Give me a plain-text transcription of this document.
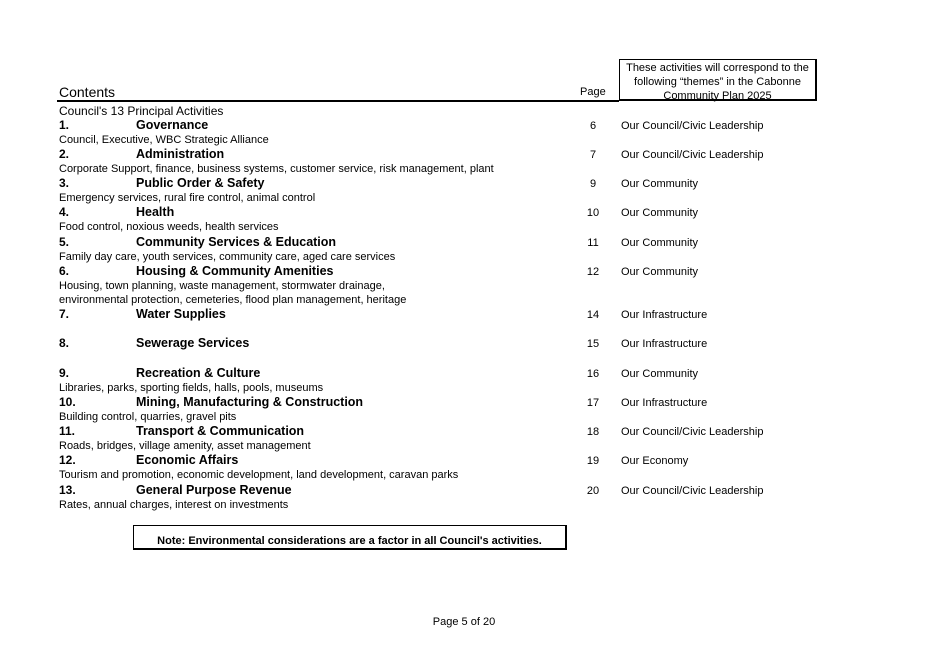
Contents	Page
These activities will correspond to the
following “themes” in the Cabonne
Community Plan 2025
Council's 13 Principal Activities
1.	Governance	6	Our Council/Civic Leadership
Council, Executive, WBC Strategic Alliance
2.	Administration	7	Our Council/Civic Leadership
Corporate Support, finance, business systems, customer service, risk management, plant
3.	Public Order & Safety	9	Our Community
Emergency services, rural fire control, animal control
4.	Health	10	Our Community
Food control, noxious weeds, health services
5.	Community Services & Education	11	Our Community
Family day care, youth services, community care, aged care services
6.	Housing & Community Amenities	12	Our Community
Housing, town planning, waste management, stormwater drainage,
environmental protection, cemeteries, flood plan management, heritage
7.	Water Supplies	14	Our Infrastructure
8.	Sewerage Services	15	Our Infrastructure
9.	Recreation & Culture	16	Our Community
Libraries, parks, sporting fields, halls, pools, museums
10.	Mining, Manufacturing & Construction	17	Our Infrastructure
Building control, quarries, gravel pits
11.	Transport & Communication	18	Our Council/Civic Leadership
Roads, bridges, village amenity, asset management
12.	Economic Affairs	19	Our Economy
Tourism and promotion, economic development, land development, caravan parks
13.	General Purpose Revenue	20	Our Council/Civic Leadership
Rates, annual charges, interest on investments
Note: Environmental considerations are a factor in all Council's activities.
Page 5 of 20
